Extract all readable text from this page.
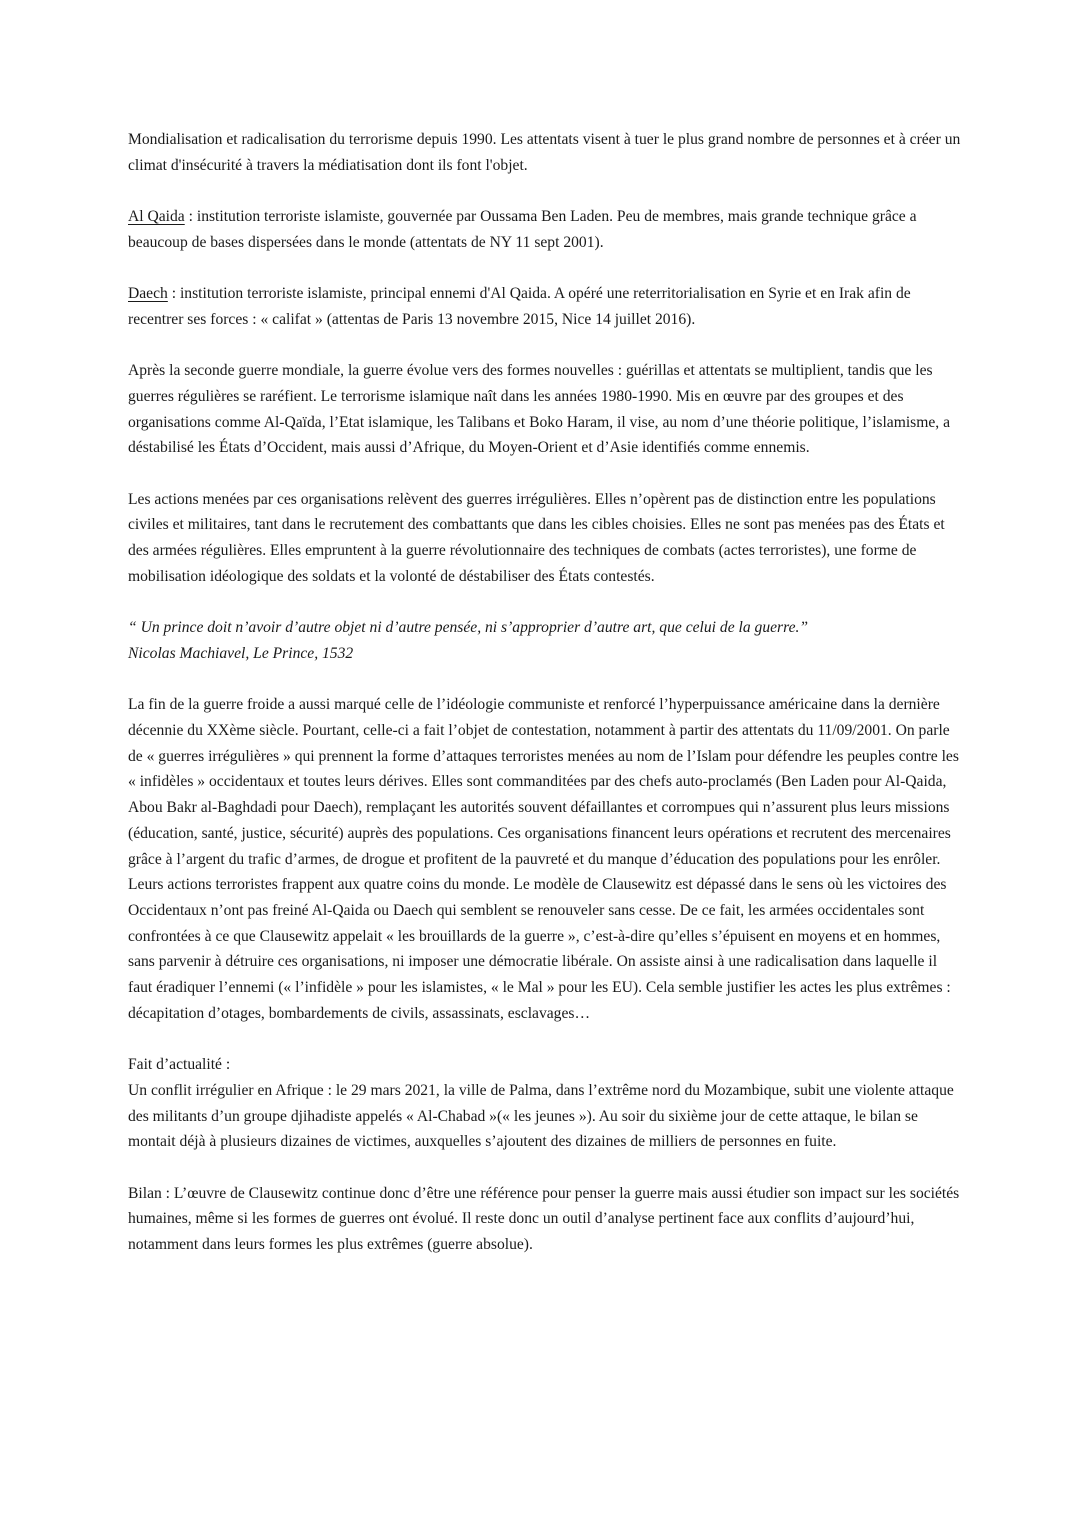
Mondialisation et radicalisation du terrorisme depuis 1990. Les attentats visent à tuer le plus grand nombre de personnes et à créer un climat d'insécurité à travers la médiatisation dont ils font l'objet.

Al Qaida : institution terroriste islamiste, gouvernée par Oussama Ben Laden. Peu de membres, mais grande technique grâce a beaucoup de bases dispersées dans le monde (attentats de NY 11 sept 2001).

Daech : institution terroriste islamiste, principal ennemi d'Al Qaida. A opéré une reterritorialisation en Syrie et en Irak afin de recentrer ses forces : « califat » (attentas de Paris 13 novembre 2015, Nice 14 juillet 2016).

Après la seconde guerre mondiale, la guerre évolue vers des formes nouvelles : guérillas et attentats se multiplient, tandis que les guerres régulières se raréfient. Le terrorisme islamique naît dans les années 1980-1990. Mis en œuvre par des groupes et des organisations comme Al-Qaïda, l’Etat islamique, les Talibans et Boko Haram, il vise, au nom d’une théorie politique, l’islamisme, a déstabilisé les États d’Occident, mais aussi d’Afrique, du Moyen-Orient et d’Asie identifiés comme ennemis.

Les actions menées par ces organisations relèvent des guerres irrégulières. Elles n’opèrent pas de distinction entre les populations civiles et militaires, tant dans le recrutement des combattants que dans les cibles choisies. Elles ne sont pas menées pas des États et des armées régulières. Elles empruntent à la guerre révolutionnaire des techniques de combats (actes terroristes), une forme de mobilisation idéologique des soldats et la volonté de déstabiliser des États contestés.

“ Un prince doit n’avoir d’autre objet ni d’autre pensée, ni s’approprier d’autre art, que celui de la guerre.”
Nicolas Machiavel, Le Prince, 1532

La fin de la guerre froide a aussi marqué celle de l’idéologie communiste et renforcé l’hyperpuissance américaine dans la dernière décennie du XXème siècle. Pourtant, celle-ci a fait l’objet de contestation, notamment à partir des attentats du 11/09/2001. On parle de « guerres irrégulières » qui prennent la forme d’attaques terroristes menées au nom de l’Islam pour défendre les peuples contre les « infidèles » occidentaux et toutes leurs dérives. Elles sont commanditées par des chefs auto-proclamés (Ben Laden pour Al-Qaida, Abou Bakr al-Baghdadi pour Daech), remplaçant les autorités souvent défaillantes et corrompues qui n’assurent plus leurs missions (éducation, santé, justice, sécurité) auprès des populations. Ces organisations financent leurs opérations et recrutent des mercenaires grâce à l’argent du trafic d’armes, de drogue et profitent de la pauvreté et du manque d’éducation des populations pour les enrôler. Leurs actions terroristes frappent aux quatre coins du monde. Le modèle de Clausewitz est dépassé dans le sens où les victoires des Occidentaux n’ont pas freiné Al-Qaida ou Daech qui semblent se renouveler sans cesse. De ce fait, les armées occidentales sont confrontées à ce que Clausewitz appelait « les brouillards de la guerre », c’est-à-dire qu’elles s’épuisent en moyens et en hommes, sans parvenir à détruire ces organisations, ni imposer une démocratie libérale. On assiste ainsi à une radicalisation dans laquelle il faut éradiquer l’ennemi (« l’infidèle » pour les islamistes, « le Mal » pour les EU). Cela semble justifier les actes les plus extrêmes : décapitation d’otages, bombardements de civils, assassinats, esclavages…

Fait d’actualité :
Un conflit irrégulier en Afrique : le 29 mars 2021, la ville de Palma, dans l’extrême nord du Mozambique, subit une violente attaque des militants d’un groupe djihadiste appelés « Al-Chabad »(« les jeunes »). Au soir du sixième jour de cette attaque, le bilan se montait déjà à plusieurs dizaines de victimes, auxquelles s’ajoutent des dizaines de milliers de personnes en fuite.

Bilan : L’œuvre de Clausewitz continue donc d’être une référence pour penser la guerre mais aussi étudier son impact sur les sociétés humaines, même si les formes de guerres ont évolué. Il reste donc un outil d’analyse pertinent face aux conflits d’aujourd’hui, notamment dans leurs formes les plus extrêmes (guerre absolue).
